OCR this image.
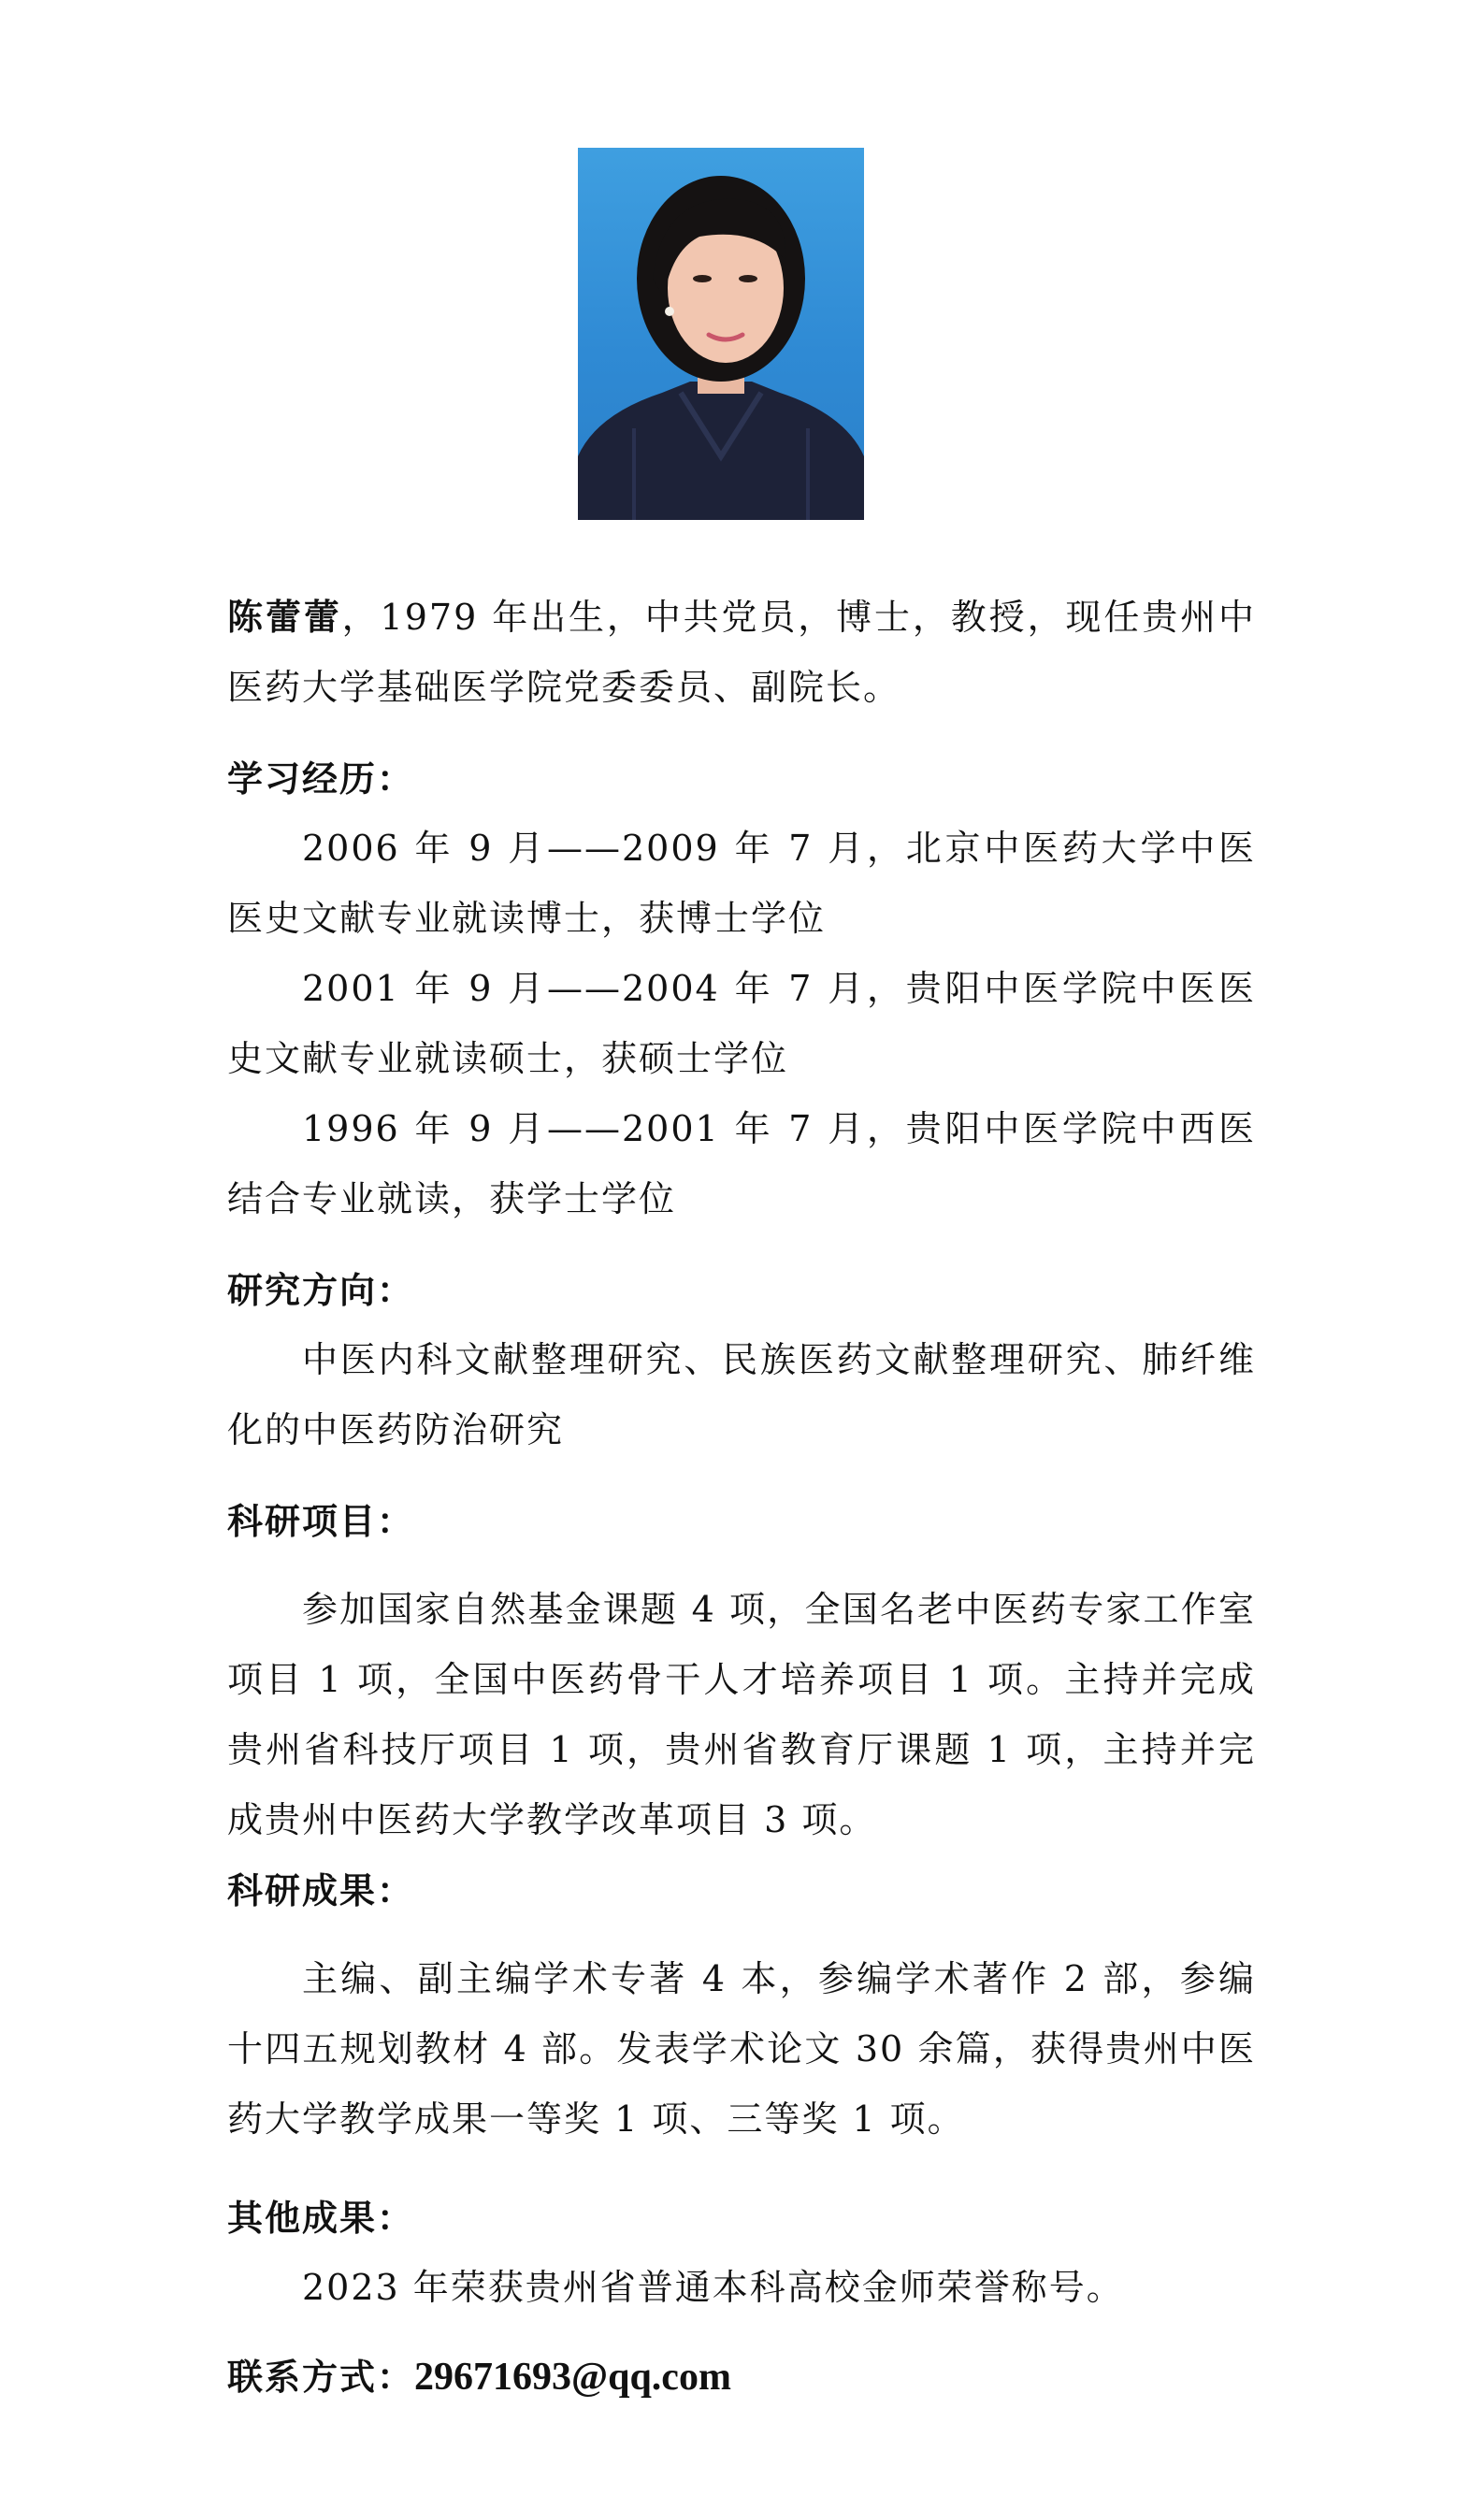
陈蕾蕾，1979 年出生，中共党员，博士，教授，现任贵州中医药大学基础医学院党委委员、副院长。

学习经历：

2006 年 9 月——2009 年 7 月，北京中医药大学中医医史文献专业就读博士，获博士学位

2001 年 9 月——2004 年 7 月，贵阳中医学院中医医史文献专业就读硕士，获硕士学位

1996 年 9 月——2001 年 7 月，贵阳中医学院中西医结合专业就读，获学士学位

研究方向：

中医内科文献整理研究、民族医药文献整理研究、肺纤维化的中医药防治研究

科研项目：

参加国家自然基金课题 4 项，全国名老中医药专家工作室项目 1 项，全国中医药骨干人才培养项目 1 项。主持并完成贵州省科技厅项目 1 项，贵州省教育厅课题 1 项，主持并完成贵州中医药大学教学改革项目 3 项。

科研成果：

主编、副主编学术专著 4 本，参编学术著作 2 部，参编十四五规划教材 4 部。发表学术论文 30 余篇，获得贵州中医药大学教学成果一等奖 1 项、三等奖 1 项。

其他成果：

2023 年荣获贵州省普通本科高校金师荣誉称号。

联系方式：29671693@qq.com
